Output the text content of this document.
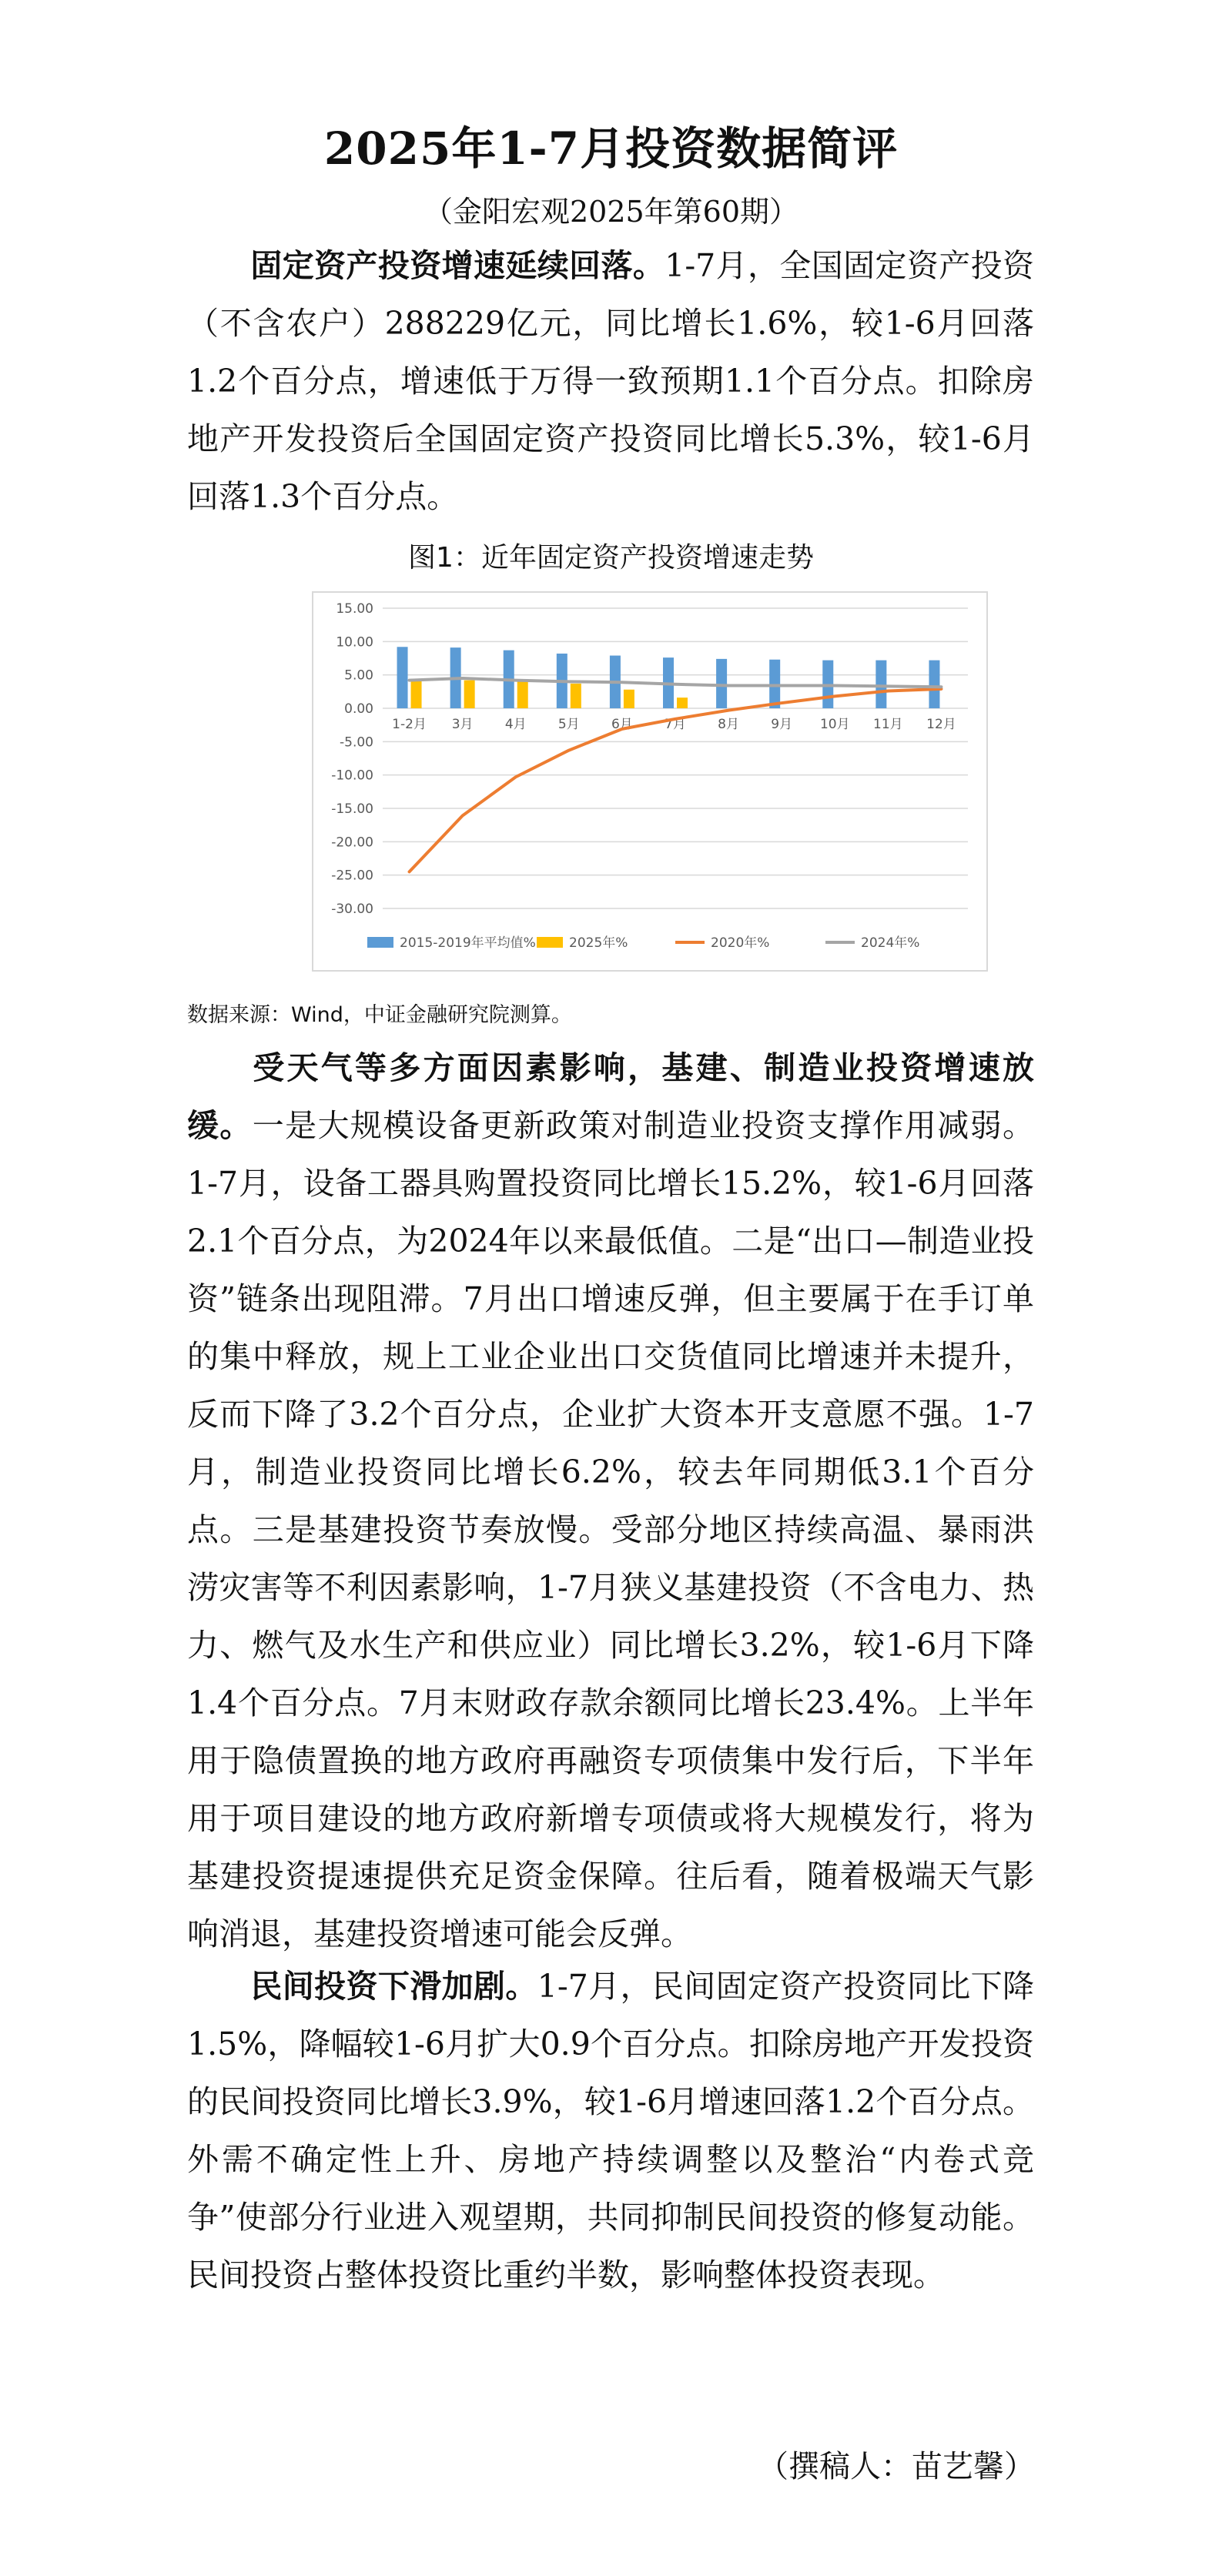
2025年1-7月投资数据简评

（金阳宏观2025年第60期）

固定资产投资增速延续回落。1-7月，全国固定资产投资（不含农户）288229亿元，同比增长1.6%，较1-6月回落1.2个百分点，增速低于万得一致预期1.1个百分点。扣除房地产开发投资后全国固定资产投资同比增长5.3%，较1-6月回落1.3个百分点。

图1：近年固定资产投资增速走势

15.00
10.00
5.00
0.00
-5.00
-10.00
-15.00
-20.00
-25.00
-30.00
1-2月 3月 4月 5月 6月 7月 8月 9月 10月 11月 12月
2015-2019年平均值%	2025年%	2020年%	2024年%

数据来源：Wind，中证金融研究院测算。

受天气等多方面因素影响，基建、制造业投资增速放缓。一是大规模设备更新政策对制造业投资支撑作用减弱。1-7月，设备工器具购置投资同比增长15.2%，较1-6月回落2.1个百分点，为2024年以来最低值。二是“出口—制造业投资”链条出现阻滞。7月出口增速反弹，但主要属于在手订单的集中释放，规上工业企业出口交货值同比增速并未提升，反而下降了3.2个百分点，企业扩大资本开支意愿不强。1-7月，制造业投资同比增长6.2%，较去年同期低3.1个百分点。三是基建投资节奏放慢。受部分地区持续高温、暴雨洪涝灾害等不利因素影响，1-7月狭义基建投资（不含电力、热力、燃气及水生产和供应业）同比增长3.2%，较1-6月下降1.4个百分点。7月末财政存款余额同比增长23.4%。上半年用于隐债置换的地方政府再融资专项债集中发行后，下半年用于项目建设的地方政府新增专项债或将大规模发行，将为基建投资提速提供充足资金保障。往后看，随着极端天气影响消退，基建投资增速可能会反弹。

民间投资下滑加剧。1-7月，民间固定资产投资同比下降1.5%，降幅较1-6月扩大0.9个百分点。扣除房地产开发投资的民间投资同比增长3.9%，较1-6月增速回落1.2个百分点。外需不确定性上升、房地产持续调整以及整治“内卷式竞争”使部分行业进入观望期，共同抑制民间投资的修复动能。民间投资占整体投资比重约半数，影响整体投资表现。

（撰稿人：苗艺馨）
